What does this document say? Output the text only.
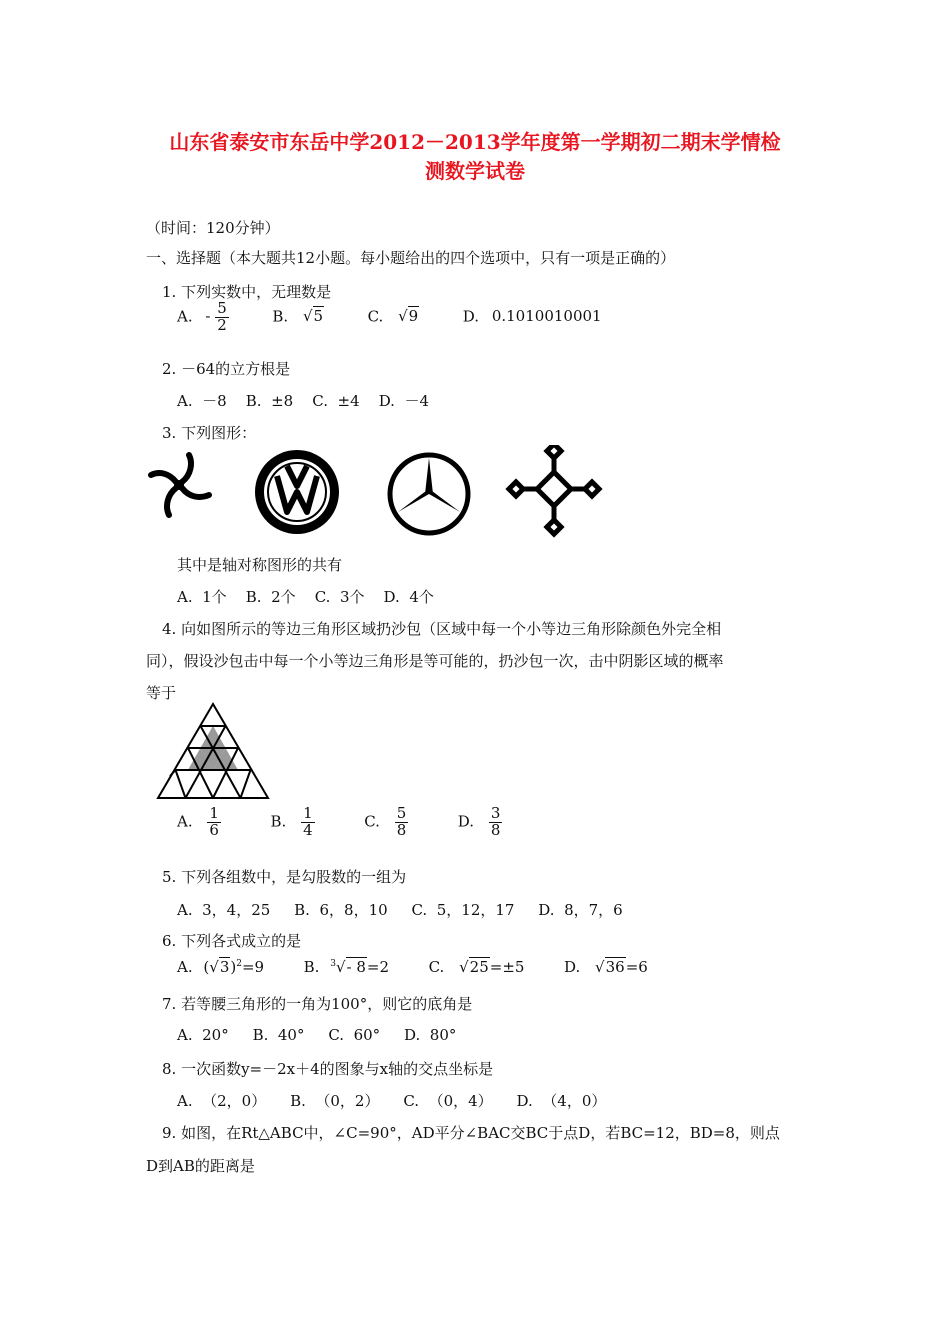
山东省泰安市东岳中学2012－2013学年度第一学期初二期末学情检
测数学试卷
（时间：120分钟）
一、选择题（本大题共12小题。每小题给出的四个选项中，只有一项是正确的）
1. 下列实数中，无理数是
A. - $\frac{5}{2}$	B. √5	C. √9	D. 0.1010010001
2. －64的立方根是
A.  －8    B.  ±8    C.  ±4    D.  －4
3. 下列图形：
其中是轴对称图形的共有
A.  1个    B.  2个    C.  3个    D.  4个
4. 向如图所示的等边三角形区域扔沙包（区域中每一个小等边三角形除颜色外完全相
同），假设沙包击中每一个小等边三角形是等可能的，扔沙包一次，击中阴影区域的概率
等于
A. $\frac{1}{6}$	B. $\frac{1}{4}$	C. $\frac{5}{8}$	D. $\frac{3}{8}$
5. 下列各组数中，是勾股数的一组为
A.  3，4，25     B.  6，8，10     C.  5，12，17     D.  8，7，6
6. 下列各式成立的是
A. $(√3)^2=9$	B. $^3$√- 8=2	C. √25=±5	D. √36=6
7. 若等腰三角形的一角为100°，则它的底角是
A.  20°     B.  40°     C.  60°     D.  80°
8. 一次函数y=－2x＋4的图象与x轴的交点坐标是
A.  （2，0）     B.  （0，2）     C.  （0，4）     D.  （4，0）
9. 如图，在Rt△ABC中，∠C=90°，AD平分∠BAC交BC于点D，若BC=12，BD=8，则点
D到AB的距离是
